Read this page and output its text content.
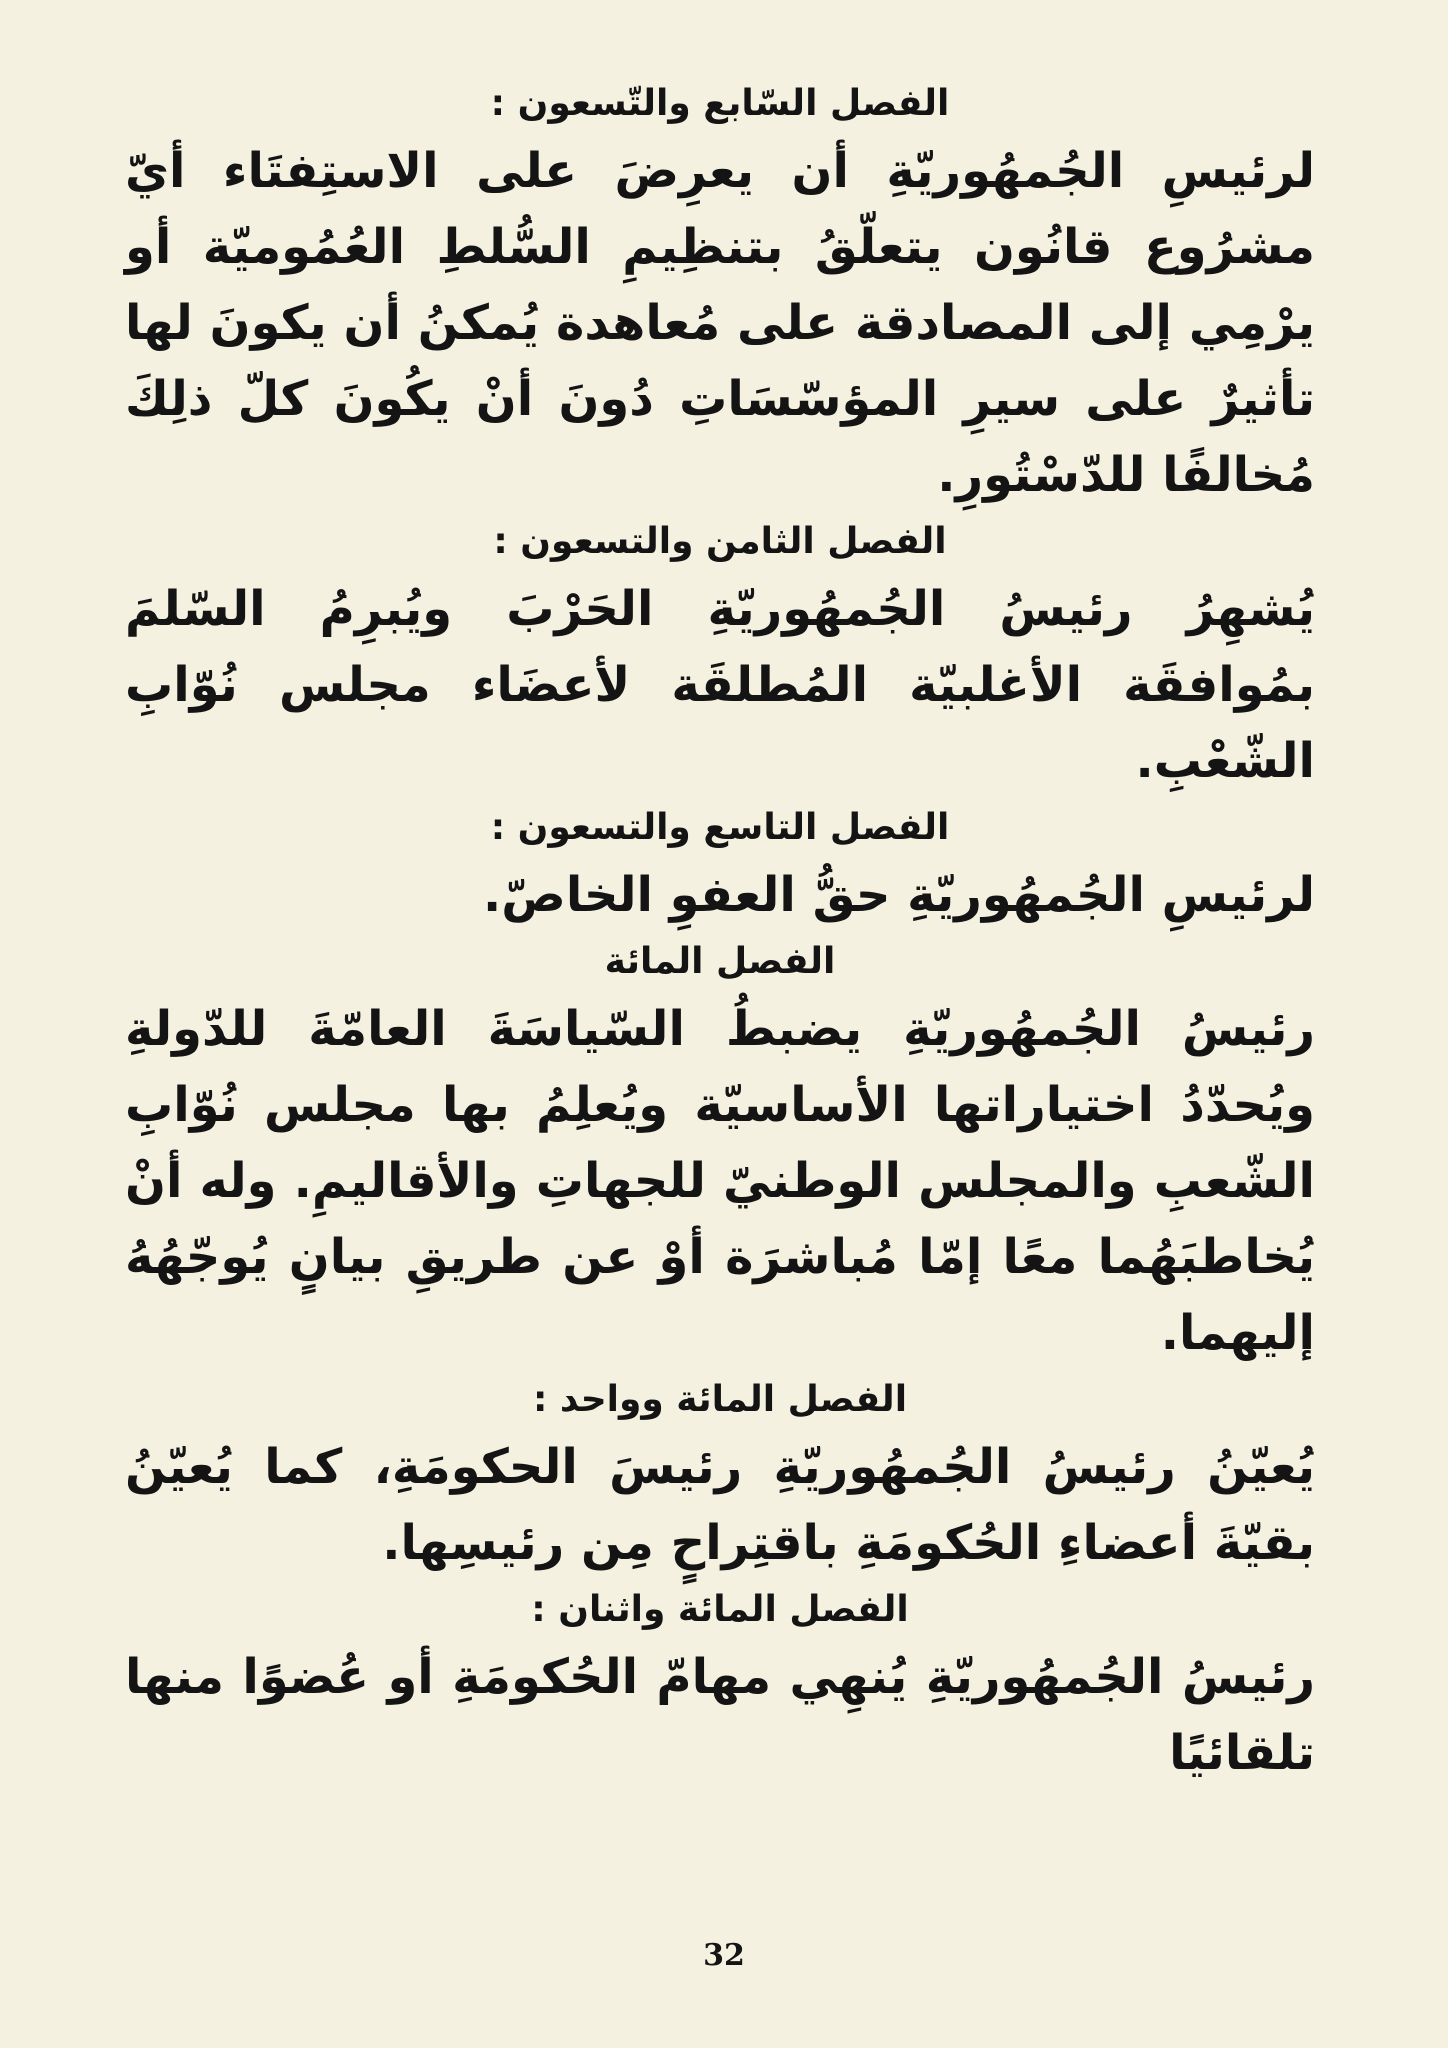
الفصل السّابع والتّسعون :

لرئيسِ الجُمهُوريّةِ أن يعرِضَ على الاستِفتَاء أيّ مشرُوع قانُون يتعلّقُ بتنظِيمِ السُّلطِ العُمُوميّة أو يرْمِي إلى المصادقة على مُعاهدة يُمكنُ أن يكونَ لها تأثيرٌ على سيرِ المؤسّسَاتِ دُونَ أنْ يكُونَ كلّ ذلِكَ مُخالفًا للدّسْتُورِ.

الفصل الثامن والتسعون :

يُشهِرُ رئيسُ الجُمهُوريّةِ الحَرْبَ ويُبرِمُ السّلمَ بمُوافقَة الأغلبيّة المُطلقَة لأعضَاء مجلس نُوّابِ الشّعْبِ.

الفصل التاسع والتسعون :

لرئيسِ الجُمهُوريّةِ حقُّ العفوِ الخاصّ.

الفصل المائة

رئيسُ الجُمهُوريّةِ يضبطُ السّياسَةَ العامّةَ للدّولةِ ويُحدّدُ اختياراتها الأساسيّة ويُعلِمُ بها مجلس نُوّابِ الشّعبِ والمجلس الوطنيّ للجهاتِ والأقاليمِ. وله أنْ يُخاطبَهُما معًا إمّا مُباشرَة أوْ عن طريقِ بيانٍ يُوجّهُهُ إليهما.

الفصل المائة وواحد :

يُعيّنُ رئيسُ الجُمهُوريّةِ رئيسَ الحكومَةِ، كما يُعيّنُ بقيّةَ أعضاءِ الحُكومَةِ باقتِراحٍ مِن رئيسِها.

الفصل المائة واثنان :

رئيسُ الجُمهُوريّةِ يُنهِي مهامّ الحُكومَةِ أو عُضوًا منها تلقائيًا

32
